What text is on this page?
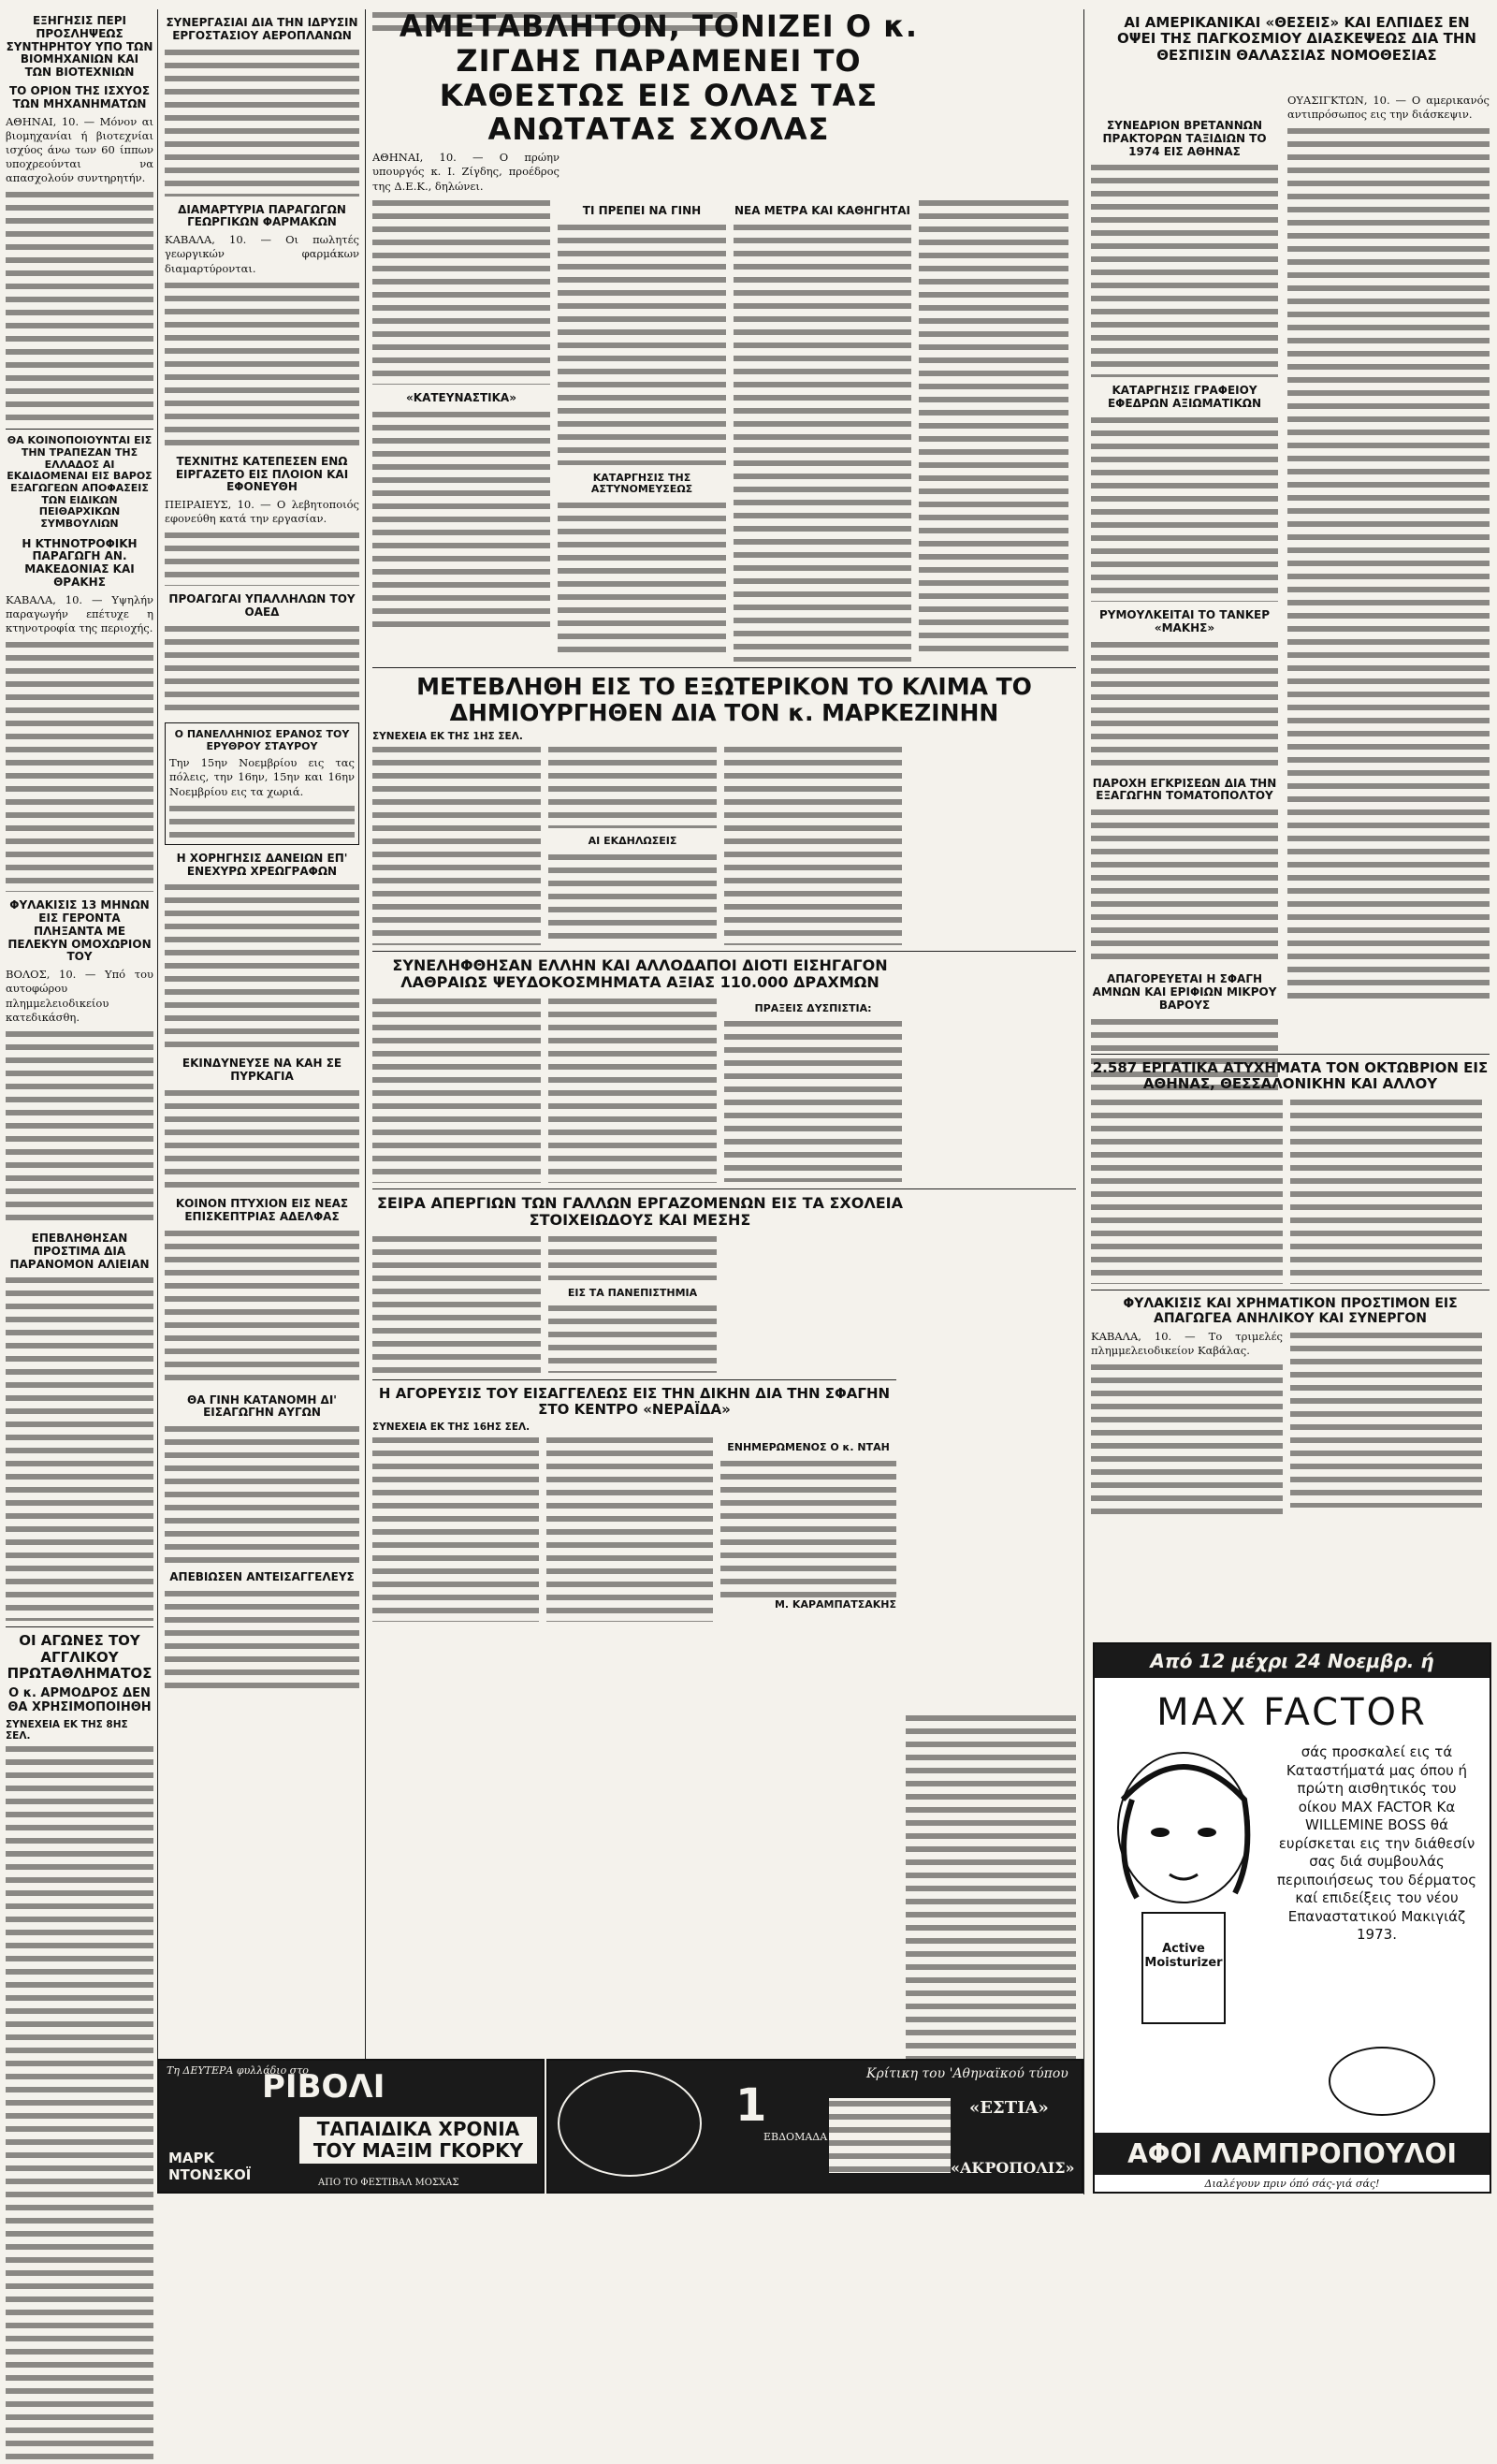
ΕΞΗΓΗΣΙΣ ΠΕΡΙ ΠΡΟΣΛΗΨΕΩΣ ΣΥΝΤΗΡΗΤΟΥ ΥΠΟ ΤΩΝ ΒΙΟΜΗΧΑΝΙΩΝ ΚΑΙ ΤΩΝ ΒΙΟΤΕΧΝΙΩΝ
ΤΟ ΟΡΙΟΝ ΤΗΣ ΙΣΧΥΟΣ ΤΩΝ ΜΗΧΑΝΗΜΑΤΩΝ

ΑΘΗΝΑΙ, 10. — Μόνον αι βιομηχανίαι ή βιοτεχνίαι ισχύος άνω των 60 ίππων υποχρεούνται να απασχολούν συντηρητήν.

ΘΑ ΚΟΙΝΟΠΟΙΟΥΝΤΑΙ ΕΙΣ ΤΗΝ ΤΡΑΠΕΖΑΝ ΤΗΣ ΕΛΛΑΔΟΣ ΑΙ ΕΚΔΙΔΟΜΕΝΑΙ ΕΙΣ ΒΑΡΟΣ ΕΞΑΓΩΓΕΩΝ ΑΠΟΦΑΣΕΙΣ ΤΩΝ ΕΙΔΙΚΩΝ ΠΕΙΘΑΡΧΙΚΩΝ ΣΥΜΒΟΥΛΙΩΝ
Η ΚΤΗΝΟΤΡΟΦΙΚΗ ΠΑΡΑΓΩΓΗ ΑΝ. ΜΑΚΕΔΟΝΙΑΣ ΚΑΙ ΘΡΑΚΗΣ

ΚΑΒΑΛΑ, 10. — Υψηλήν παραγωγήν επέτυχε η κτηνοτροφία της περιοχής.

ΦΥΛΑΚΙΣΙΣ 13 ΜΗΝΩΝ ΕΙΣ ΓΕΡΟΝΤΑ ΠΛΗΞΑΝΤΑ ΜΕ ΠΕΛΕΚΥΝ ΟΜΟΧΩΡΙΟΝ ΤΟΥ

ΒΟΛΟΣ, 10. — Υπό του αυτοφώρου πλημμελειοδικείου κατεδικάσθη.

ΕΠΕΒΛΗΘΗΣΑΝ ΠΡΟΣΤΙΜΑ ΔΙΑ ΠΑΡΑΝΟΜΟΝ ΑΛΙΕΙΑΝ
ΟΙ ΑΓΩΝΕΣ ΤΟΥ ΑΓΓΛΙΚΟΥ ΠΡΩΤΑΘΛΗΜΑΤΟΣ
Ο κ. ΑΡΜΟΔΡΟΣ ΔΕΝ ΘΑ ΧΡΗΣΙΜΟΠΟΙΗΘΗ
ΣΥΝΕΧΕΙΑ ΕΚ ΤΗΣ 8ΗΣ ΣΕΛ.
ΣΥΝΕΡΓΑΣΙΑΙ ΔΙΑ ΤΗΝ ΙΔΡΥΣΙΝ ΕΡΓΟΣΤΑΣΙΟΥ ΑΕΡΟΠΛΑΝΩΝ
ΔΙΑΜΑΡΤΥΡΙΑ ΠΑΡΑΓΩΓΩΝ ΓΕΩΡΓΙΚΩΝ ΦΑΡΜΑΚΩΝ

ΚΑΒΑΛΑ, 10. — Οι πωλητές γεωργικών φαρμάκων διαμαρτύρονται.

ΤΕΧΝΙΤΗΣ ΚΑΤΕΠΕΣΕΝ ΕΝΩ ΕΙΡΓΑΖΕΤΟ ΕΙΣ ΠΛΟΙΟΝ ΚΑΙ ΕΦΟΝΕΥΘΗ

ΠΕΙΡΑΙΕΥΣ, 10. — Ο λεβητοποιός εφονεύθη κατά την εργασίαν.

ΠΡΟΑΓΩΓΑΙ ΥΠΑΛΛΗΛΩΝ ΤΟΥ ΟΑΕΔ
Ο ΠΑΝΕΛΛΗΝΙΟΣ ΕΡΑΝΟΣ ΤΟΥ ΕΡΥΘΡΟΥ ΣΤΑΥΡΟΥ

Την 15ην Νοεμβρίου εις τας πόλεις, την 16ην, 15ην και 16ην Νοεμβρίου εις τα χωριά.

Η ΧΟΡΗΓΗΣΙΣ ΔΑΝΕΙΩΝ ΕΠ' ΕΝΕΧΥΡΩ ΧΡΕΩΓΡΑΦΩΝ
ΕΚΙΝΔΥΝΕΥΣΕ ΝΑ ΚΑΗ ΣΕ ΠΥΡΚΑΓΙΑ
ΚΟΙΝΟΝ ΠΤΥΧΙΟΝ ΕΙΣ ΝΕΑΣ ΕΠΙΣΚΕΠΤΡΙΑΣ ΑΔΕΛΦΑΣ
ΘΑ ΓΙΝΗ ΚΑΤΑΝΟΜΗ ΔΙ' ΕΙΣΑΓΩΓΗΝ ΑΥΓΩΝ
ΑΠΕΒΙΩΣΕΝ ΑΝΤΕΙΣΑΓΓΕΛΕΥΣ
ΑΜΕΤΑΒΛΗΤΟΝ, ΤΟΝΙΖΕΙ Ο κ. ΖΙΓΔΗΣ ΠΑΡΑΜΕΝΕΙ ΤΟ ΚΑΘΕΣΤΩΣ ΕΙΣ ΟΛΑΣ ΤΑΣ ΑΝΩΤΑΤΑΣ ΣΧΟΛΑΣ

ΑΘΗΝΑΙ, 10. — Ο πρώην υπουργός κ. Ι. Ζίγδης, προέδρος της Δ.Ε.Κ., δηλώνει.

«ΚΑΤΕΥΝΑΣΤΙΚΑ»
ΤΙ ΠΡΕΠΕΙ ΝΑ ΓΙΝΗ
ΚΑΤΑΡΓΗΣΙΣ ΤΗΣ ΑΣΤΥΝΟΜΕΥΣΕΩΣ
ΝΕΑ ΜΕΤΡΑ ΚΑΙ ΚΑΘΗΓΗΤΑΙ
ΜΕΤΕΒΛΗΘΗ ΕΙΣ ΤΟ ΕΞΩΤΕΡΙΚΟΝ ΤΟ ΚΛΙΜΑ ΤΟ ΔΗΜΙΟΥΡΓΗΘΕΝ ΔΙΑ ΤΟΝ κ. ΜΑΡΚΕΖΙΝΗΝ
ΣΥΝΕΧΕΙΑ ΕΚ ΤΗΣ 1ΗΣ ΣΕΛ.
ΑΙ ΕΚΔΗΛΩΣΕΙΣ
ΣΥΝΕΛΗΦΘΗΣΑΝ ΕΛΛΗΝ ΚΑΙ ΑΛΛΟΔΑΠΟΙ ΔΙΟΤΙ ΕΙΣΗΓΑΓΟΝ ΛΑΘΡΑΙΩΣ ΨΕΥΔΟΚΟΣΜΗΜΑΤΑ ΑΞΙΑΣ 110.000 ΔΡΑΧΜΩΝ
ΠΡΑΞΕΙΣ ΔΥΣΠΙΣΤΙΑ:
ΣΕΙΡΑ ΑΠΕΡΓΙΩΝ ΤΩΝ ΓΑΛΛΩΝ ΕΡΓΑΖΟΜΕΝΩΝ ΕΙΣ ΤΑ ΣΧΟΛΕΙΑ ΣΤΟΙΧΕΙΩΔΟΥΣ ΚΑΙ ΜΕΣΗΣ
ΕΙΣ ΤΑ ΠΑΝΕΠΙΣΤΗΜΙΑ
Η ΑΓΟΡΕΥΣΙΣ ΤΟΥ ΕΙΣΑΓΓΕΛΕΩΣ ΕΙΣ ΤΗΝ ΔΙΚΗΝ ΔΙΑ ΤΗΝ ΣΦΑΓΗΝ ΣΤΟ ΚΕΝΤΡΟ «ΝΕΡΑΪΔΑ»
ΣΥΝΕΧΕΙΑ ΕΚ ΤΗΣ 16ΗΣ ΣΕΛ.
ΕΝΗΜΕΡΩΜΕΝΟΣ Ο κ. ΝΤΑΗ
Μ. ΚΑΡΑΜΠΑΤΣΑΚΗΣ
ΣΥΝΕΔΡΙΟΝ ΒΡΕΤΑΝΝΩΝ ΠΡΑΚΤΟΡΩΝ ΤΑΞΙΔΙΩΝ ΤΟ 1974 ΕΙΣ ΑΘΗΝΑΣ
ΚΑΤΑΡΓΗΣΙΣ ΓΡΑΦΕΙΟΥ ΕΦΕΔΡΩΝ ΑΞΙΩΜΑΤΙΚΩΝ
ΡΥΜΟΥΛΚΕΙΤΑΙ ΤΟ ΤΑΝΚΕΡ «ΜΑΚΗΣ»
ΠΑΡΟΧΗ ΕΓΚΡΙΣΕΩΝ ΔΙΑ ΤΗΝ ΕΞΑΓΩΓΗΝ ΤΟΜΑΤΟΠΟΛΤΟΥ
ΑΠΑΓΟΡΕΥΕΤΑΙ Η ΣΦΑΓΗ ΑΜΝΩΝ ΚΑΙ ΕΡΙΦΙΩΝ ΜΙΚΡΟΥ ΒΑΡΟΥΣ
ΑΙ ΑΜΕΡΙΚΑΝΙΚΑΙ «ΘΕΣΕΙΣ» ΚΑΙ ΕΛΠΙΔΕΣ ΕΝ ΟΨΕΙ ΤΗΣ ΠΑΓΚΟΣΜΙΟΥ ΔΙΑΣΚΕΨΕΩΣ ΔΙΑ ΤΗΝ ΘΕΣΠΙΣΙΝ ΘΑΛΑΣΣΙΑΣ ΝΟΜΟΘΕΣΙΑΣ

ΟΥΑΣΙΓΚΤΩΝ, 10. — Ο αμερικανός αντιπρόσωπος εις την διάσκεψιν.

2.587 ΕΡΓΑΤΙΚΑ ΑΤΥΧΗΜΑΤΑ ΤΟΝ ΟΚΤΩΒΡΙΟΝ ΕΙΣ ΑΘΗΝΑΣ, ΘΕΣΣΑΛΟΝΙΚΗΝ ΚΑΙ ΑΛΛΟΥ
ΦΥΛΑΚΙΣΙΣ ΚΑΙ ΧΡΗΜΑΤΙΚΟΝ ΠΡΟΣΤΙΜΟΝ ΕΙΣ ΑΠΑΓΩΓΕΑ ΑΝΗΛΙΚΟΥ ΚΑΙ ΣΥΝΕΡΓΟΝ

ΚΑΒΑΛΑ, 10. — Το τριμελές πλημμελειοδικείον Καβάλας.

Από 12 μέχρι 24 Νοεμβρ. ή
MAX FACTOR
Active Moisturizer
σάς προσκαλεί εις τά Καταστήματά μας όπου ή πρώτη αισθητικός του οίκου MAX FACTOR Kα WILLEMINE BOSS θά ευρίσκεται εις την διάθεσίν σας διά συμβουλάς περιποιήσεως του δέρματος καί επιδείξεις του νέου Επαναστατικού Μακιγιάζ 1973.
ΑΦΟΙ ΛΑΜΠΡΟΠΟΥΛΟΙ
Διαλέγουν πριν όπό σάς-γιά σάς!
Τη ΔΕΥΤΕΡΑ φυλλάδιο στο
ΡΙΒΟΛΙ
ΤΑΠΑΙΔΙΚΑ ΧΡΟΝΙΑ ΤΟΥ ΜΑΞΙΜ ΓΚΟΡΚΥ
ΜΑΡΚ ΝΤΟΝΣΚΟΪ	ΑΠΟ ΤΟ ΦΕΣΤΙΒΑΛ ΜΟΣΧΑΣ
Κρίτικη του 'Αθηναϊκού τύπου
1
ΕΒΔΟΜΑΔΑ
«ΕΣΤΙΑ»
«ΑΚΡΟΠΟΛΙΣ»
